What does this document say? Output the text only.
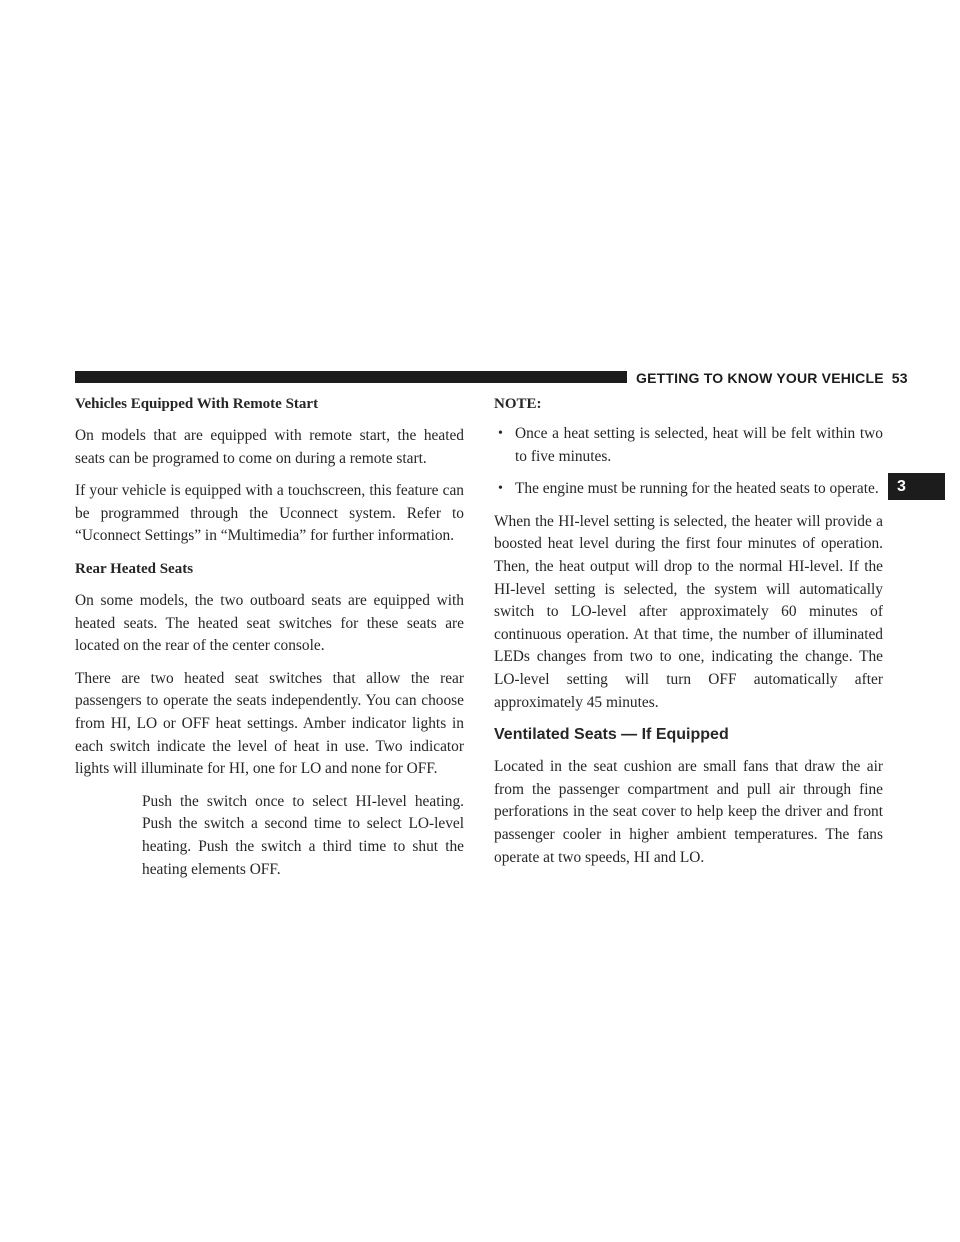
GETTING TO KNOW YOUR VEHICLE 53
3
Vehicles Equipped With Remote Start

On models that are equipped with remote start, the heated seats can be programed to come on during a remote start.

If your vehicle is equipped with a touchscreen, this feature can be programmed through the Uconnect system. Refer to “Uconnect Settings” in “Multimedia” for further information.

Rear Heated Seats

On some models, the two outboard seats are equipped with heated seats. The heated seat switches for these seats are located on the rear of the center console.

There are two heated seat switches that allow the rear passengers to operate the seats independently. You can choose from HI, LO or OFF heat settings. Amber indicator lights in each switch indicate the level of heat in use. Two indicator lights will illuminate for HI, one for LO and none for OFF.

Push the switch once to select HI-level heating. Push the switch a second time to select LO-level heating. Push the switch a third time to shut the heating elements OFF.

NOTE:
• Once a heat setting is selected, heat will be felt within two to five minutes.
• The engine must be running for the heated seats to operate.

When the HI-level setting is selected, the heater will provide a boosted heat level during the first four minutes of operation. Then, the heat output will drop to the normal HI-level. If the HI-level setting is selected, the system will automatically switch to LO-level after approximately 60 minutes of continuous operation. At that time, the number of illuminated LEDs changes from two to one, indicating the change. The LO-level setting will turn OFF automatically after approximately 45 minutes.

Ventilated Seats — If Equipped

Located in the seat cushion are small fans that draw the air from the passenger compartment and pull air through fine perforations in the seat cover to help keep the driver and front passenger cooler in higher ambient temperatures. The fans operate at two speeds, HI and LO.
